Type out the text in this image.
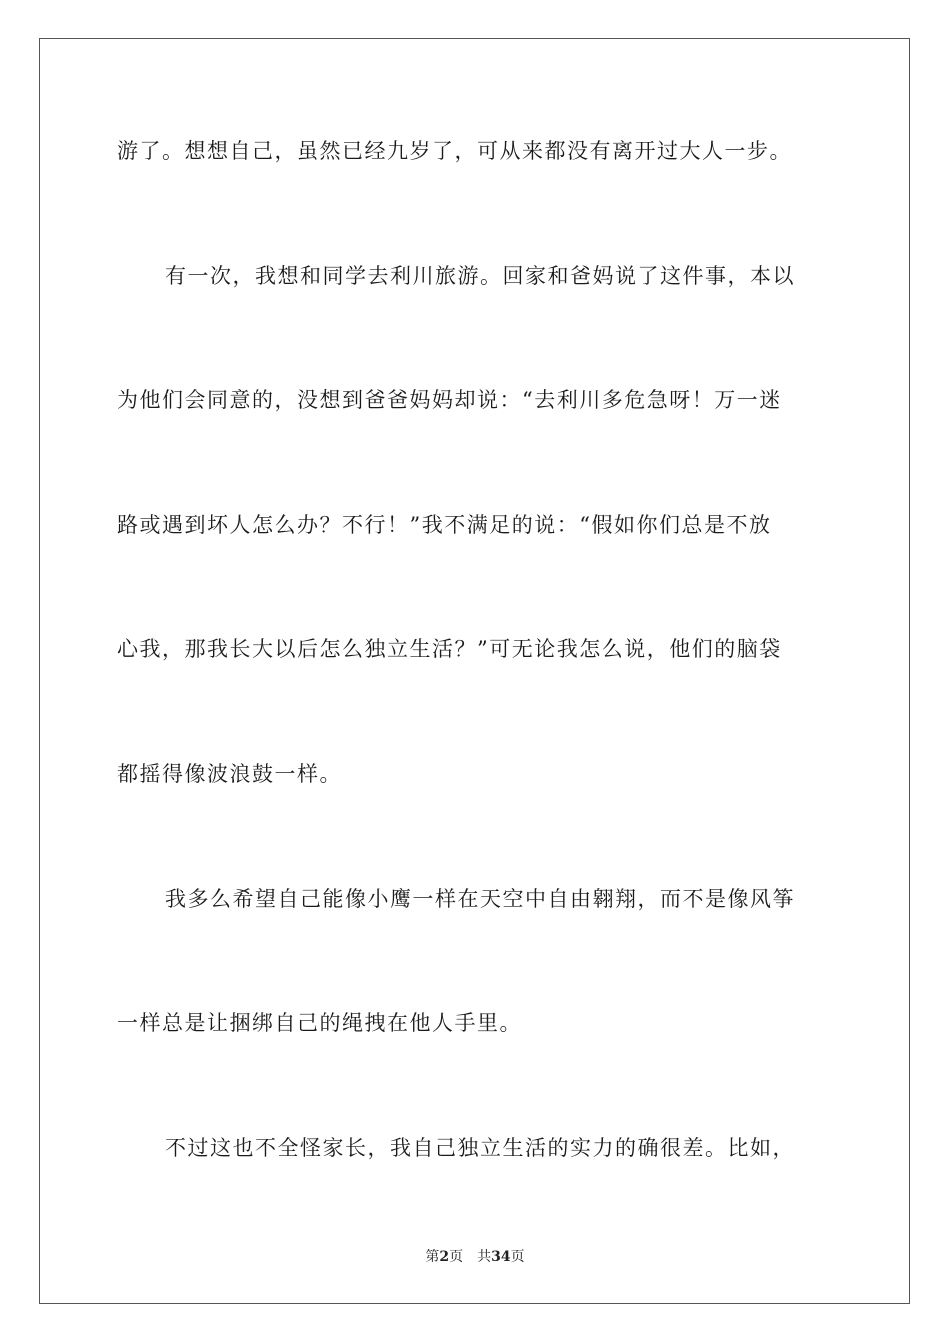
游了。想想自己，虽然已经九岁了，可从来都没有离开过大人一步。
有一次，我想和同学去利川旅游。回家和爸妈说了这件事，本以
为他们会同意的，没想到爸爸妈妈却说：“去利川多危急呀！万一迷
路或遇到坏人怎么办？不行！”我不满足的说：“假如你们总是不放
心我，那我长大以后怎么独立生活？”可无论我怎么说，他们的脑袋
都摇得像波浪鼓一样。
我多么希望自己能像小鹰一样在天空中自由翱翔，而不是像风筝
一样总是让捆绑自己的绳拽在他人手里。
不过这也不全怪家长，我自己独立生活的实力的确很差。比如，
第2页 共34页
